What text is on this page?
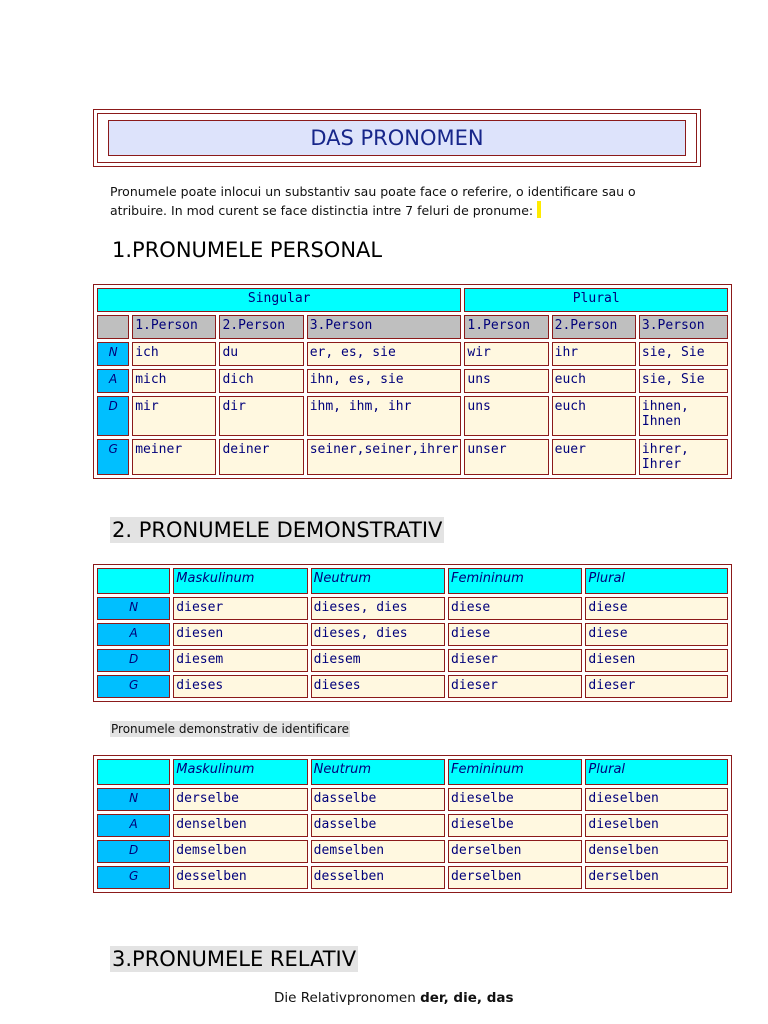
DAS PRONOMEN
Pronumele poate inlocui un substantiv sau poate face o referire, o identificare sau o
atribuire. In mod curent se face distinctia intre 7 feluri de pronume:
1.PRONUMELE PERSONAL
Singular				Plural		
	1.Person	2.Person	3.Person	1.Person	2.Person	3.Person
N	ich	du	er, es, sie	wir	ihr	sie, Sie
A	mich	dich	ihn, es, sie	uns	euch	sie, Sie
D	mir	dir	ihm, ihm, ihr	uns	euch	ihnen, Ihnen
G	meiner	deiner	seiner,seiner,ihrer	unser	euer	ihrer, Ihrer
2. PRONUMELE DEMONSTRATIV
	Maskulinum	Neutrum	Femininum	Plural
N	dieser	dieses, dies	diese	diese
A	diesen	dieses, dies	diese	diese
D	diesem	diesem	dieser	diesen
G	dieses	dieses	dieser	dieser
Pronumele demonstrativ de identificare
	Maskulinum	Neutrum	Femininum	Plural
N	derselbe	dasselbe	dieselbe	dieselben
A	denselben	dasselbe	dieselbe	dieselben
D	demselben	demselben	derselben	denselben
G	desselben	desselben	derselben	derselben
3.PRONUMELE RELATIV
Die Relativpronomen der, die, das
